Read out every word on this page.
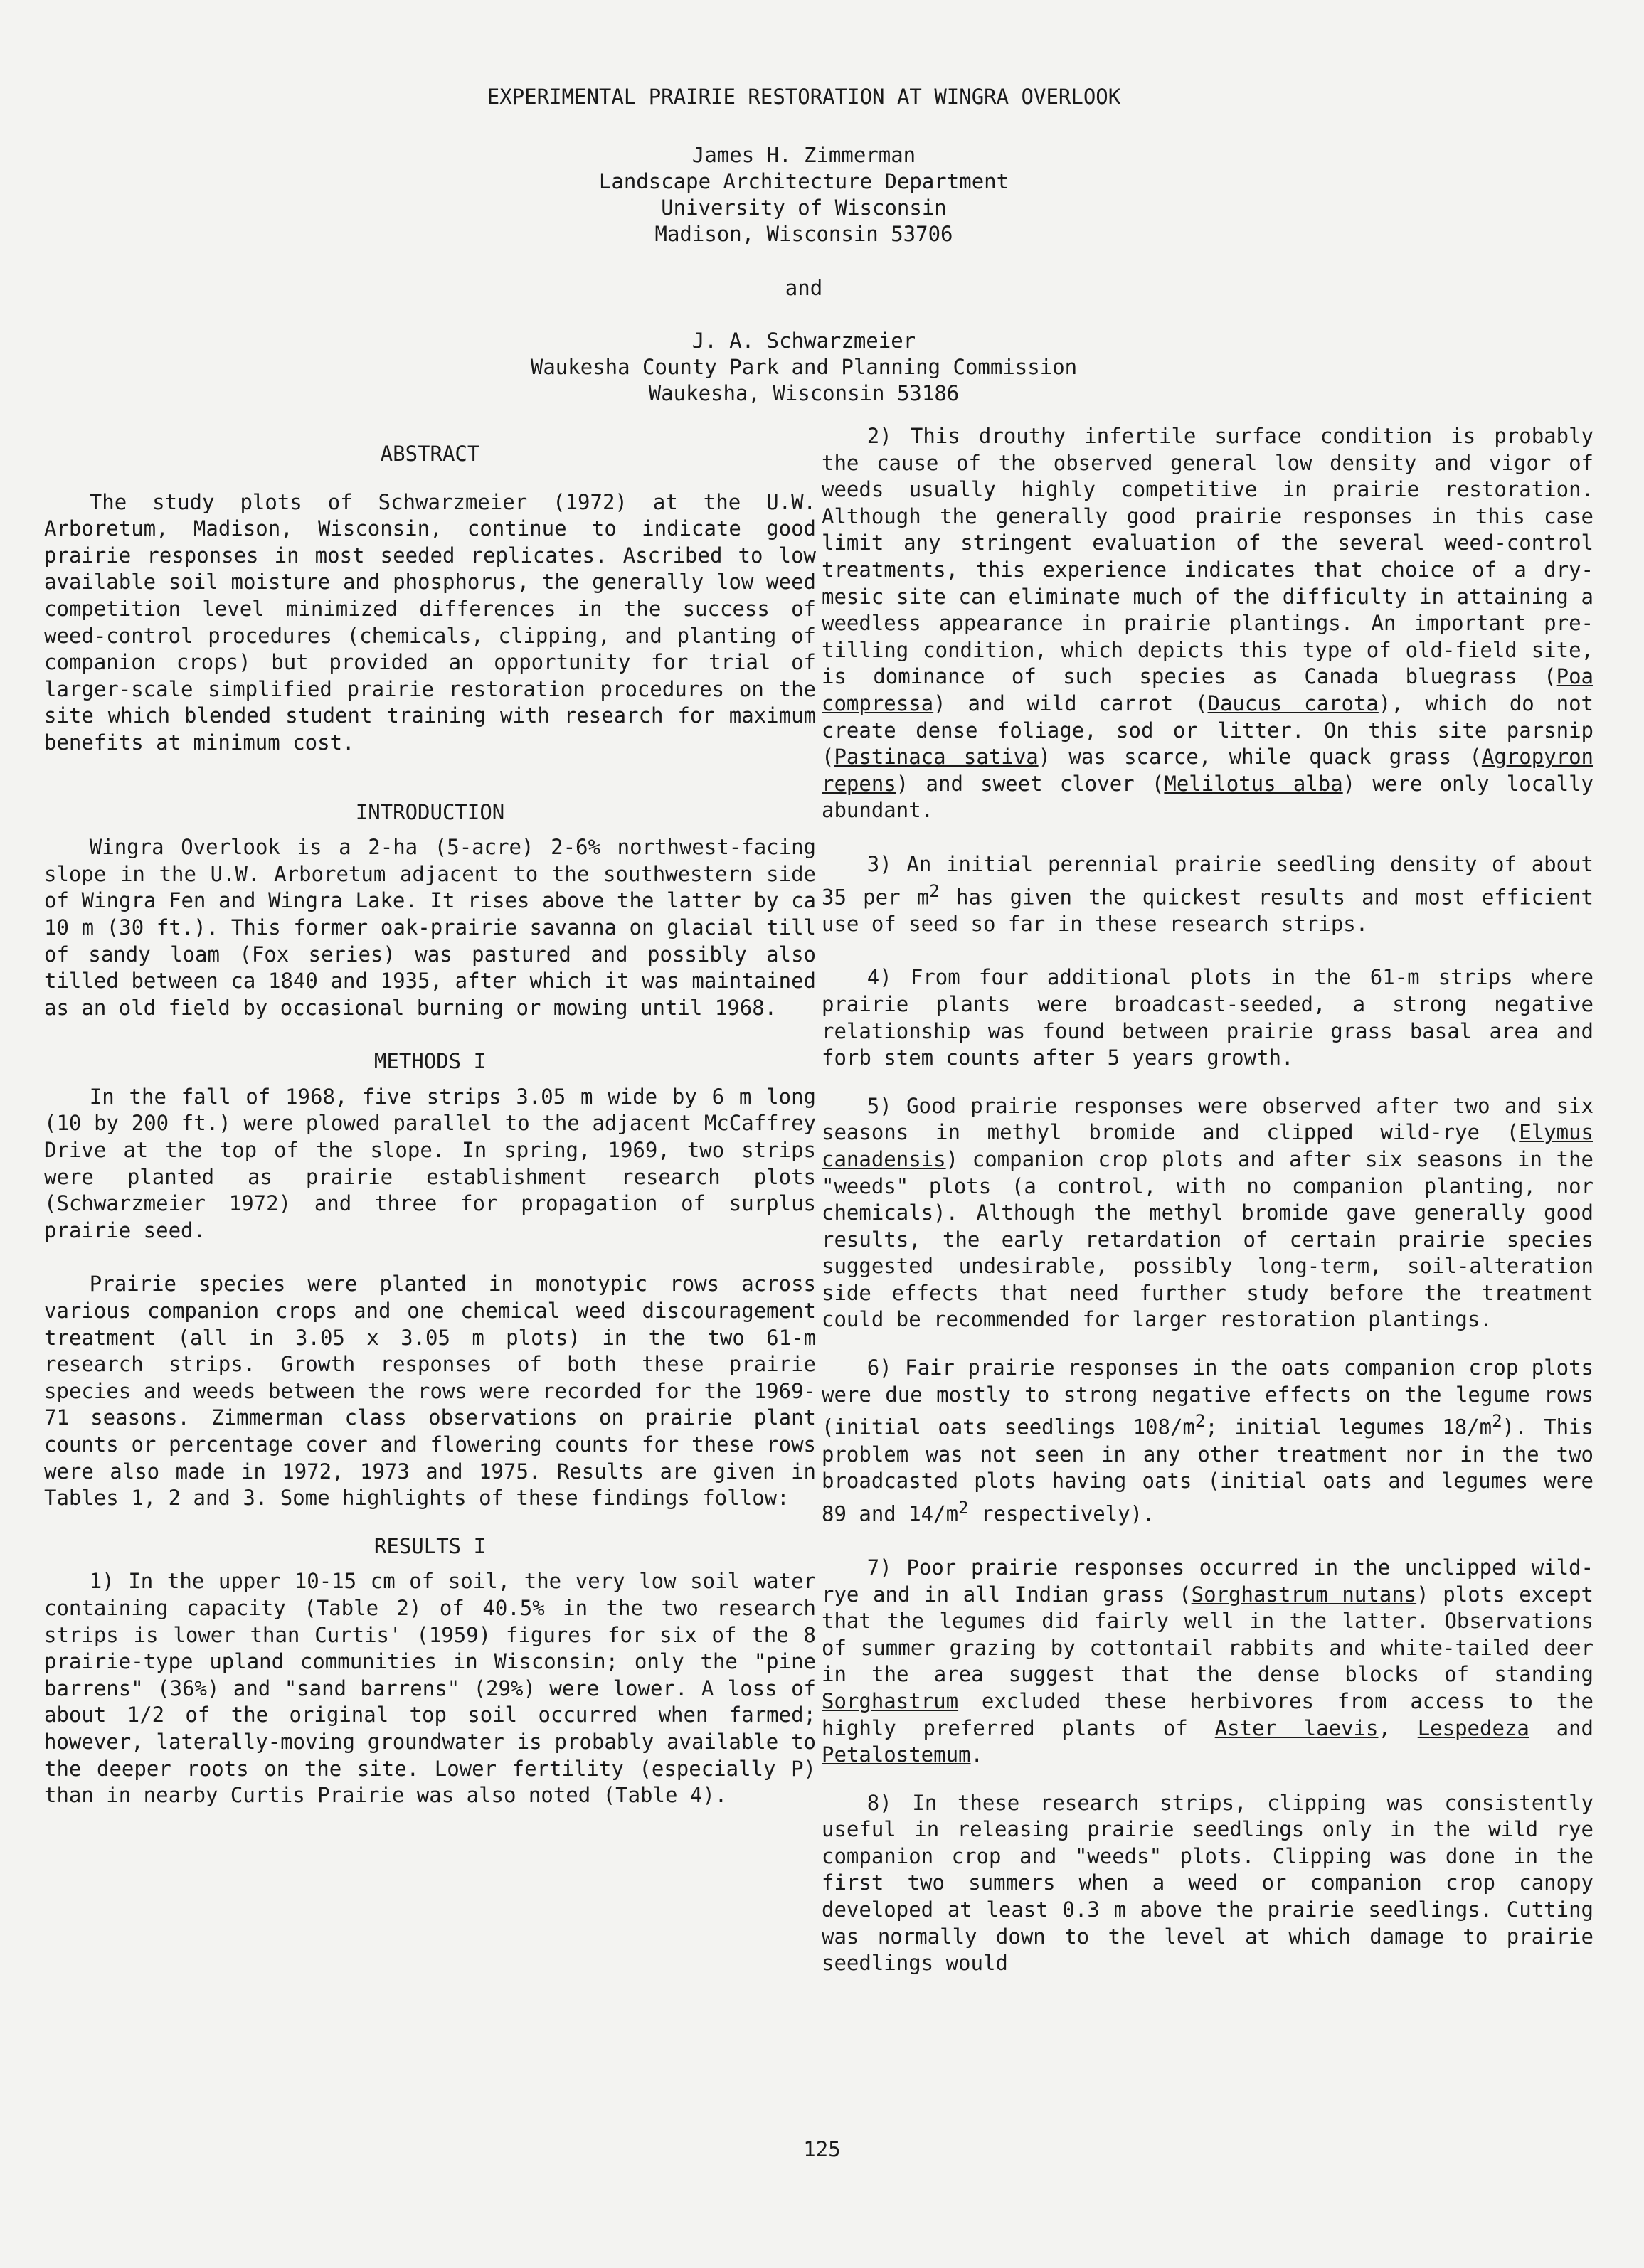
EXPERIMENTAL PRAIRIE RESTORATION AT WINGRA OVERLOOK
James H. Zimmerman
Landscape Architecture Department
University of Wisconsin
Madison, Wisconsin 53706
and
J. A. Schwarzmeier
Waukesha County Park and Planning Commission
Waukesha, Wisconsin 53186
ABSTRACT

The study plots of Schwarzmeier (1972) at the U.W. Arboretum, Madison, Wisconsin, continue to indicate good prairie responses in most seeded replicates. Ascribed to low available soil moisture and phosphorus, the generally low weed competition level minimized differences in the success of weed-control procedures (chemicals, clipping, and planting of companion crops) but provided an opportunity for trial of larger-scale simplified prairie restoration procedures on the site which blended student training with research for maximum benefits at minimum cost.

INTRODUCTION

Wingra Overlook is a 2-ha (5-acre) 2-6% northwest-facing slope in the U.W. Arboretum adjacent to the southwestern side of Wingra Fen and Wingra Lake. It rises above the latter by ca 10 m (30 ft.). This former oak-prairie savanna on glacial till of sandy loam (Fox series) was pastured and possibly also tilled between ca 1840 and 1935, after which it was maintained as an old field by occasional burning or mowing until 1968.

METHODS I

In the fall of 1968, five strips 3.05 m wide by 6 m long (10 by 200 ft.) were plowed parallel to the adjacent McCaffrey Drive at the top of the slope. In spring, 1969, two strips were planted as prairie establishment research plots (Schwarzmeier 1972) and three for propagation of surplus prairie seed.

Prairie species were planted in monotypic rows across various companion crops and one chemical weed discouragement treatment (all in 3.05 x 3.05 m plots) in the two 61-m research strips. Growth responses of both these prairie species and weeds between the rows were recorded for the 1969-71 seasons. Zimmerman class observations on prairie plant counts or percentage cover and flowering counts for these rows were also made in 1972, 1973 and 1975. Results are given in Tables 1, 2 and 3. Some highlights of these findings follow:

RESULTS I

1) In the upper 10-15 cm of soil, the very low soil water containing capacity (Table 2) of 40.5% in the two research strips is lower than Curtis' (1959) figures for six of the 8 prairie-type upland communities in Wisconsin; only the "pine barrens" (36%) and "sand barrens" (29%) were lower. A loss of about 1/2 of the original top soil occurred when farmed; however, laterally-moving groundwater is probably available to the deeper roots on the site. Lower fertility (especially P) than in nearby Curtis Prairie was also noted (Table 4).

2) This drouthy infertile surface condition is probably the cause of the observed general low density and vigor of weeds usually highly competitive in prairie restoration. Although the generally good prairie responses in this case limit any stringent evaluation of the several weed-control treatments, this experience indicates that choice of a dry-mesic site can eliminate much of the difficulty in attaining a weedless appearance in prairie plantings. An important pre-tilling condition, which depicts this type of old-field site, is dominance of such species as Canada bluegrass (Poa compressa) and wild carrot (Daucus carota), which do not create dense foliage, sod or litter. On this site parsnip (Pastinaca sativa) was scarce, while quack grass (Agropyron repens) and sweet clover (Melilotus alba) were only locally abundant.

3) An initial perennial prairie seedling density of about 35 per $m^2$ has given the quickest results and most efficient use of seed so far in these research strips.

4) From four additional plots in the 61-m strips where prairie plants were broadcast-seeded, a strong negative relationship was found between prairie grass basal area and forb stem counts after 5 years growth.

5) Good prairie responses were observed after two and six seasons in methyl bromide and clipped wild-rye (Elymus canadensis) companion crop plots and after six seasons in the "weeds" plots (a control, with no companion planting, nor chemicals). Although the methyl bromide gave generally good results, the early retardation of certain prairie species suggested undesirable, possibly long-term, soil-alteration side effects that need further study before the treatment could be recommended for larger restoration plantings.

6) Fair prairie responses in the oats companion crop plots were due mostly to strong negative effects on the legume rows (initial oats seedlings $108/m^2$; initial legumes $18/m^2$). This problem was not seen in any other treatment nor in the two broadcasted plots having oats (initial oats and legumes were 89 and $14/m^2$ respectively).

7) Poor prairie responses occurred in the unclipped wild-rye and in all Indian grass (Sorghastrum nutans) plots except that the legumes did fairly well in the latter. Observations of summer grazing by cottontail rabbits and white-tailed deer in the area suggest that the dense blocks of standing Sorghastrum excluded these herbivores from access to the highly preferred plants of Aster laevis, Lespedeza and Petalostemum.

8) In these research strips, clipping was consistently useful in releasing prairie seedlings only in the wild rye companion crop and "weeds" plots. Clipping was done in the first two summers when a weed or companion crop canopy developed at least 0.3 m above the prairie seedlings. Cutting was normally down to the level at which damage to prairie seedlings would

125
